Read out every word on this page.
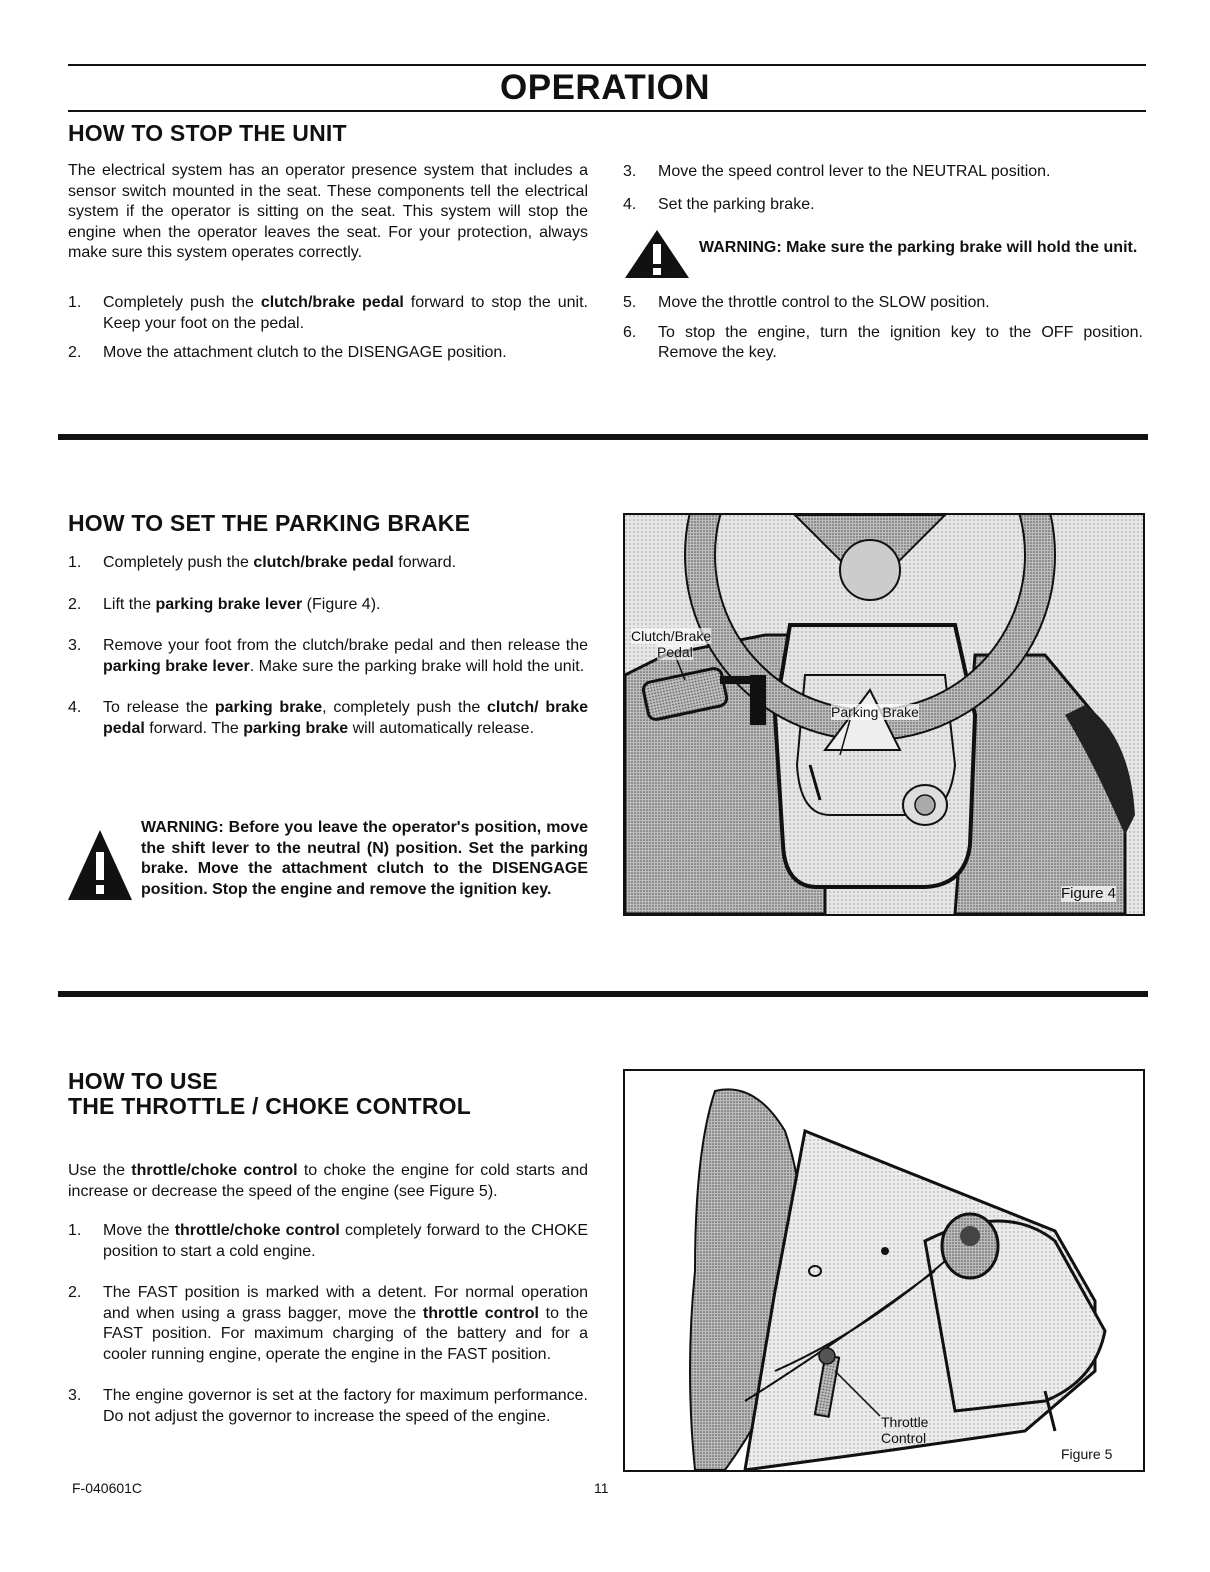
OPERATION
HOW TO STOP THE UNIT

The electrical system has an operator presence system that includes a sensor switch mounted in the seat. These components tell the electrical system if the operator is sitting on the seat. This system will stop the engine when the operator leaves the seat. For your protection, always make sure this system operates correctly.

1. Completely push the clutch/brake pedal forward to stop the unit. Keep your foot on the pedal.
2. Move the attachment clutch to the DISENGAGE position.
3. Move the speed control lever to the NEUTRAL position.
4. Set the parking brake.
WARNING: Make sure the parking brake will hold the unit.
5. Move the throttle control to the SLOW position.
6. To stop the engine, turn the ignition key to the OFF position. Remove the key.
HOW TO SET THE PARKING BRAKE
1. Completely push the clutch/brake pedal forward.
2. Lift the parking brake lever (Figure 4).
3. Remove your foot from the clutch/brake pedal and then release the parking brake lever. Make sure the parking brake will hold the unit.
4. To release the parking brake, completely push the clutch/ brake pedal forward. The parking brake will automatically release.
WARNING: Before you leave the operator's position, move the shift lever to the neutral (N) position. Set the parking brake. Move the attachment clutch to the DISENGAGE position. Stop the engine and remove the ignition key.
Clutch/Brake
Pedal
Parking Brake
Figure 4
HOW TO USE
THE THROTTLE / CHOKE CONTROL

Use the throttle/choke control to choke the engine for cold starts and increase or decrease the speed of the engine (see Figure 5).

1. Move the throttle/choke control completely forward to the CHOKE position to start a cold engine.
2. The FAST position is marked with a detent. For normal operation and when using a grass bagger, move the throttle control to the FAST position. For maximum charging of the battery and for a cooler running engine, operate the engine in the FAST position.
3. The engine governor is set at the factory for maximum performance. Do not adjust the governor to increase the speed of the engine.	Throttle
Control
Figure 5
F-040601C	11
